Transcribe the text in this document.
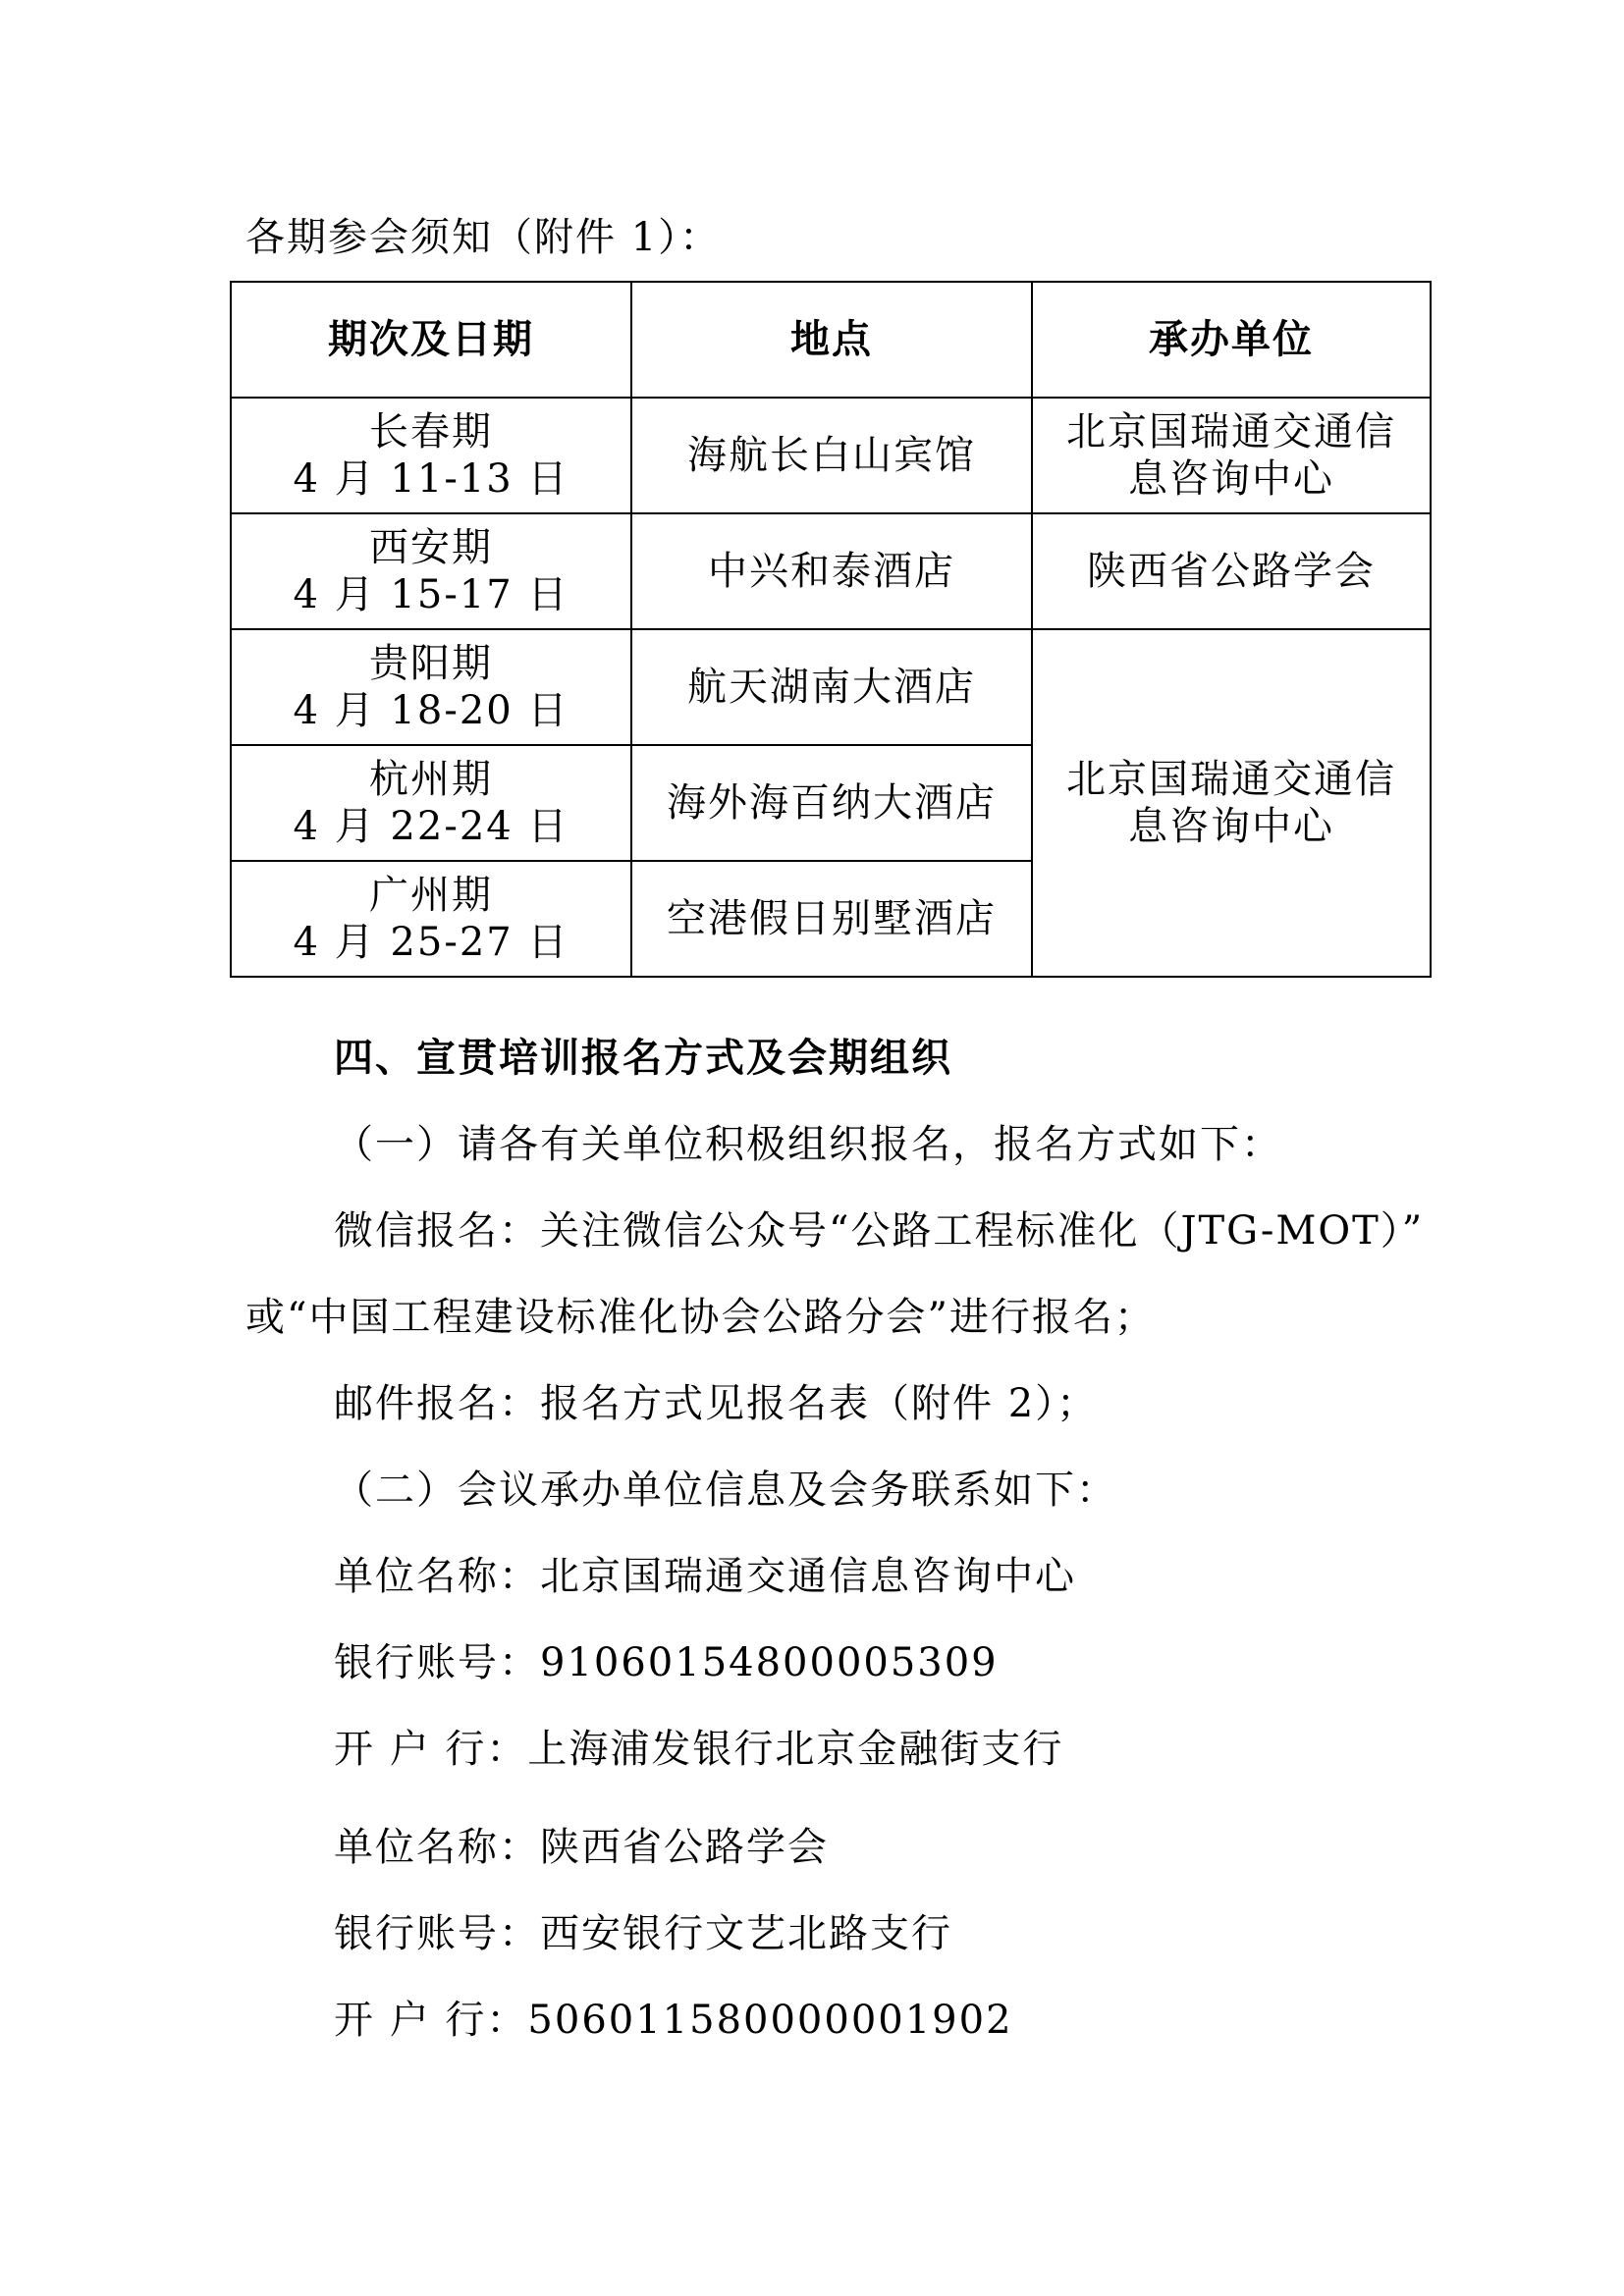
各期参会须知（附件 1）：

期次及日期	地点	承办单位

长春期
4 月 11-13 日	海航长白山宾馆	北京国瑞通交通信
息咨询中心

西安期
4 月 15-17 日	中兴和泰酒店	陕西省公路学会

贵阳期
4 月 18-20 日	航天湖南大酒店	北京国瑞通交通信
息咨询中心

杭州期
4 月 22-24 日	海外海百纳大酒店	

广州期
4 月 25-27 日	空港假日别墅酒店	

四、宣贯培训报名方式及会期组织

（一）请各有关单位积极组织报名，报名方式如下：

微信报名：关注微信公众号“公路工程标准化（JTG-MOT）”

或“中国工程建设标准化协会公路分会”进行报名；

邮件报名：报名方式见报名表（附件 2）；

（二）会议承办单位信息及会务联系如下：

单位名称：北京国瑞通交通信息咨询中心

银行账号：91060154800005309

开 户 行：上海浦发银行北京金融街支行

单位名称：陕西省公路学会

银行账号：西安银行文艺北路支行

开 户 行：506011580000001902
